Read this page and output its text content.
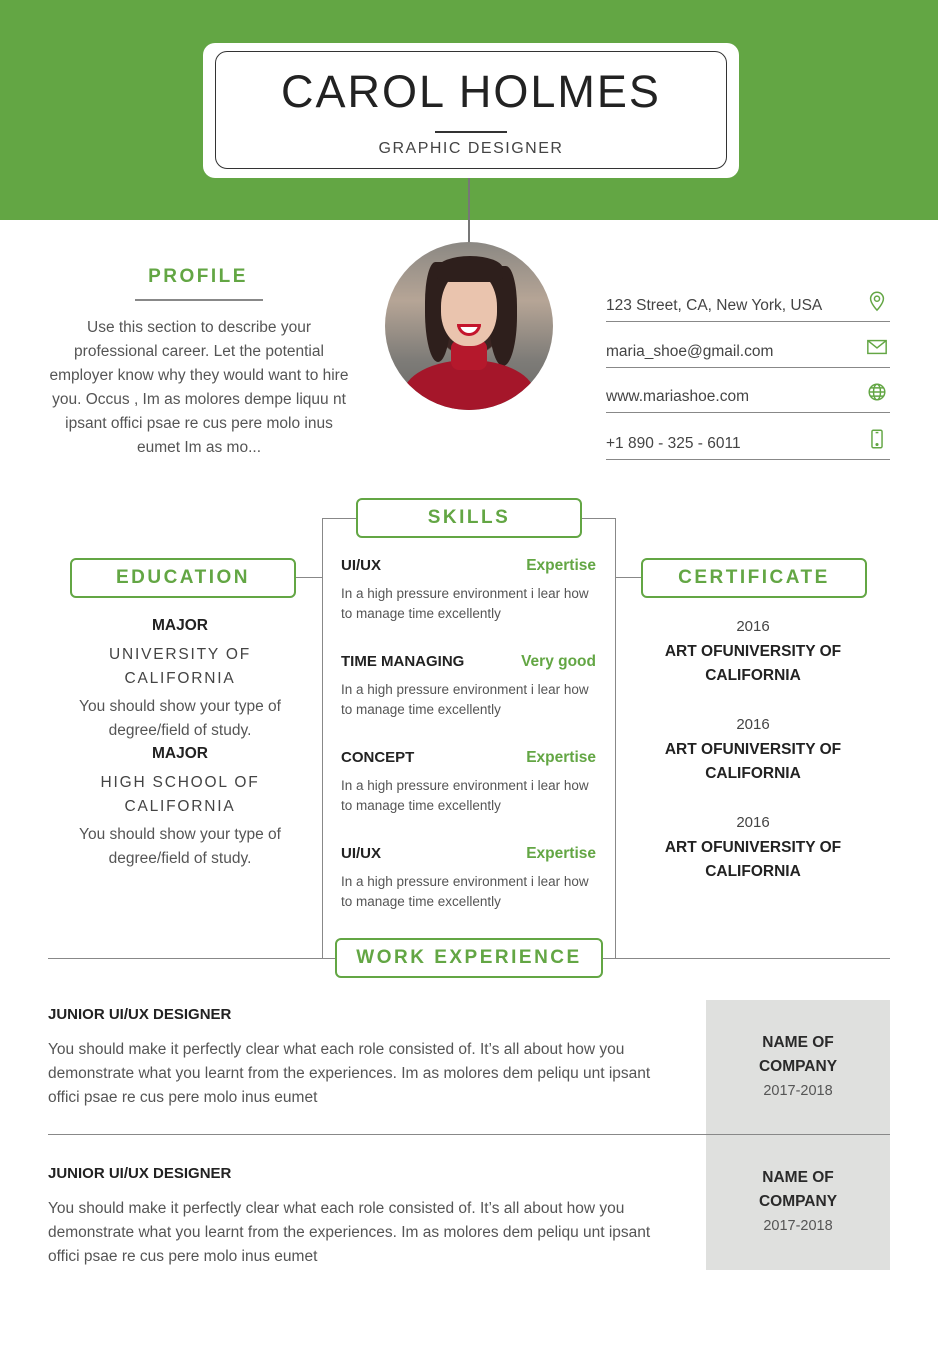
CAROL HOLMES
GRAPHIC DESIGNER
PROFILE
Use this section to describe your professional career. Let the potential employer know why they would want to hire you. Occus , Im as molores dempe liquu nt ipsant offici psae re cus pere molo inus eumet Im as mo...
123 Street, CA, New York, USA
maria_shoe@gmail.com
www.mariashoe.com
+1 890 - 325 - 6011
SKILLS
UI/UX	Expertise
In a high pressure environment i lear how to manage time excellently
TIME MANAGING	Very good
In a high pressure environment i lear how to manage time excellently
CONCEPT	Expertise
In a high pressure environment i lear how to manage time excellently
UI/UX	Expertise
In a high pressure environment i lear how to manage time excellently
EDUCATION
MAJOR
UNIVERSITY OF CALIFORNIA
You should show your type of degree/field of study.
MAJOR
HIGH SCHOOL OF CALIFORNIA
You should show your type of degree/field of study.
CERTIFICATE
2016
ART OFUNIVERSITY OF CALIFORNIA
2016
ART OFUNIVERSITY OF CALIFORNIA
2016
ART OFUNIVERSITY OF CALIFORNIA
WORK EXPERIENCE
NAME OF COMPANY
2017-2018
JUNIOR UI/UX DESIGNER
You should make it perfectly clear what each role consisted of. It’s all about how you demonstrate what you learnt from the experiences. Im as molores dem peliqu unt ipsant offici psae re cus pere molo inus eumet
NAME OF COMPANY
2017-2018
JUNIOR UI/UX DESIGNER
You should make it perfectly clear what each role consisted of. It’s all about how you demonstrate what you learnt from the experiences. Im as molores dem peliqu unt ipsant offici psae re cus pere molo inus eumet
